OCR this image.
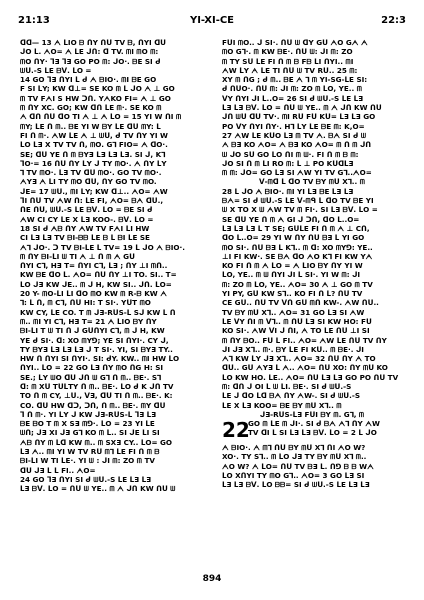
21:13	YI-XI-CE	22:3
ᗡᗡ— 13 ᗅ ᒪIO ᗷ ᑎY ᑎᑌ TV ᗷ, ᑎYI ᗡᑌ
ᒍO ᒪ. ᗅO= ᗅ ᒪE ᒍᑎ: ᗡ TV. ᗰI ᗰO ᗰ:
ᗰO ᑎY· ᒣƎ ᒣƎ GO PO ᗰ: ᒍO·. ᗷE SI ᑯ
ᗯᑌ.-S ᒪE ᗷᐯ. ᒪO =
14 GO ᒣƎ ᑎYI ᒪ ᑯ ᗅ ᗷIO·. ᗰI ᗷE GO
F SI ᒪY; KW ᗡ⊥= SE KO ᗰ ᒪ ᒍO ᗅ ⊥ GO
ᗰ TV FᗅI S HW ᑐᑎ. YᗅKO FI= ᗅ ⊥ GO
ᗰ ᑎY XC. GO; KW ᗡᑎ ᒪE ᗰ·. SE KO ᗰ
ᗅ ᗡᑎ ᑎᑌ ᗡO TI ᗅ ⊥ ᗅ ᒪO = 15 YI W ᑎI ᗰ
ᗰY; ᒪE ᑎ ᗰ.. ᗷE YI W ᗷY ᒪE ᗡᑌ ᗰY: ᒪ
FI ᑎ ᗰ·. ᗅW ᒪE ᗅ ⊥ ᗯᑌ, ᑯ TV ᑎY YI W
ᒪO ᒪƎ X TV TV ᑎ, ᗰO. G⅂ FIO= ᗅ ᗡO·.
SE; ᗡᑌ YE ᑎ ᗰ ᗷYƎ ᒪƎ ᒪƎ ᒪƎ. SI ᒍ, K⅂
ᒣO·= 16 ᑎᑌ ᑎY ᒪY ᒍ TY ᗰO·. ᗅ ᑎY ᒪY
⅂ TV ᗰO·. ᒪƎ TV ᗡᑌ ᗰO·. GO TV ᗰO·.
ᗅYƎ ᗅ ᒪI TY ᗰO ᗡᑌ, ᑎY GO TV ᗰO.
ᒍE= 17 ᗯᑌ., ᗰI ᒪY; KW ᗡ⊥.. ᗅO= ᗅW
ᒣI ᑎᑌ TV ᗅW ᑎ: ᒪE FI, ᗅO= ᗷᗅ ᗡᑌ.,
ᑎE ᑎᑌ, ᗯᑌ.-S ᒪE ᗷᐯ. ᒪO = ᗷE SI ᑯ
ᗅW CI CY ᒪE X ᒪƎ KOO-. ᗷᐯ. ᒪO =
18 SI ᑯ ᗅᗷ ᑎY ᗅW TV FᗅI ᒪI HW
CI ᒪƎ ᒪƎ TV ᗷI-ᗷᗷ ᒪE ᗷ ᒪ ᗷI ᒪE SE
ᗅ⅂ ᒍO·. ᑐ TV ᗷI-ᒪE ᒪ TV= 19 ᒪ ᒍO ᗅ ᗷIO·.
ᗰ ᑎY ᗷI-ᒪI ᗯ TI ᗅ ⊥ ᑎ ᗰ ᗅ Gᑌ
ᑎYI C⅂, HƎ T= ᑎYI C⅂, ᒪƎ ; ᑎY ⊥I ᗰᑎ..
KW ᗷE ᗡO ᒪ. ᗅO= ᑎᑌ ᑎY ⊥I TO. SI.. T=
ᒪO ᒍƎ KW ᒍE.. ᗰ ᒍ H, KW SI.. ᒍᑎ. ᒪO=
20 Y- ᗰO-ᒪI ᒪI ᗡO ᗰO KW ᗰ R-ᗷ KW ᗅ
⅂: ᒪ ᑎ, ᗰ C⅂, ᑎᑌ HI: T SI·. YᑌT ᗰO
KW CY, ᒪE CO. T ᗰ ᒍƎ-RᑌS-ᒪ Sᒍ KW ᒪ ᑎ
ᗰ.. ᗰI YI C⅂, HƎ T= 21 ᗅ ᒪIO ᗷY ᑎY
ᗷI-ᒪI T ᗯ TI ᑎ ᒍ GᑌᑎYI C⅂, ᗰ ᒍ H, KW
YE ᑯ SI·. ᗡ: XO ᗰY⅁; YE SI ᑎYI·. CY ᒍ,
TY ᗷYƎ ᒪƎ ᒪƎ ᒪƎ ᒍ T SI·. YI, SI ᗷYƎ TY..
HW ᑎ ᑎYI SI ᑎYI·. SI: ᑯY. KW.. ᗰI HW ᒪO
ᑎYI.. ᒪO = 22 GO ᒪƎ ᑎY ᗰO ᑎG H: SI
SE.; ᒪY ᗯO ᗡᑌ ᒍᑎ ᗯ G⅂ ᑎ ᗰ.. ᗷE·. S⅂
ᗡ: ᗰ Xᑌ TᑌᒪTY ᑎ ᗰ.. ᗷE·. ᒪO ᑯ K ᒍᑎ TV
TO ᑎ ᗰ CY, ⊥ᑌ., ᐯƎ, ᗡᑌ TI ᑎ ᗰ.. ᗷE·. K:
CO. ᗡᑌ HW ᗡᑐ, ᑐᑎ, ᑎ ᗰ.. ᗷE·. ᗰY ᗡᑌ
ᒣ ᑎ ᗰ·. YI ᒪY ᒍ KW ᒍƎ-RᑌS-ᒪ ᒣƎ ᒪƎ
ᗷE ᗷO T ᗰ X SƎ ᗰ⅁·. ᒪO = 23 YI ᒪE
ᗯᑎ; ᒍƎ XI ᒍƎ G⅂ KO ᗰ ᒪ.. SI ᒍE ᒪI SI
ᗅᗷ ᑎY ᗰ ᒪᗡ KW ᗰ.. ᗰ SXƎ CY.. ᒪO= GO
ᒪƎ ᗅ.. ᗰI YI W TV Rᑌ ᗰ⅂ ᒪE FI ᑎ ᗰ ᗷ
ᗷI-ᒪI W TI ᒪE·. YI ᗯ : ᒍI ᗰ: ZO ᗰ TV
ᗡᑌ ᒍƎ ᒪ ᒪ FI.. ᗅO=
24 GO ᒣƎ ᑎYI SI ᑯ ᗯᑌ.-S ᒪE ᒪƎ ᒪƎ
ᒪƎ ᗷᐯ. ᒪO = ᑎᑌ ᗯ YE.. ᗰ ᗅ ᒍᑎ KW ᑎᑌ ᗯ
FᑌI ᗰO.. ᒍ SI·. ᑎᑌ ᗯ ᗡY Gᑌ ᗅO Gᗅ ᗅ
ᗰO G⅂·. ᗰ KW ᗷE·. ᑎᑌ ᗯ: ᒍI ᗰ: ZO
ᗰ TY Sᑌ ᒪE FI ᑎ ᗰ ᗷ Fᗷ ᒪI ᑎYI.. ᗰI
ᗅW ᒪY ᗅ ᒪE TI ᑎᑌ ᗯ TV Rᑌ.. 25 ᗰ:
XY ᗰ ᑎG ; ᑯ ᗰ.. ᗷE ᗅ ⅂ ᗰ YI-SG-ᒪE SI:
ᑯ ᑎᑌO·. ᑎᑌ ᗰ: ᒍI ᗰ: ZO ᗰ ᒪO, YE.. ᗰ
ᐯY ᑎYI ᒍI ᒪ..O= 26 SI ᑯ ᗯᑌ.-S ᒪE ᒪƎ
ᒪƎ ᒪƎ ᗷᐯ. ᒪO = ᑎᑌ ᗯ YE.. ᗰ ᗅ ᒍᑎ KW ᑎᑌ
ᒍᑎ ᗯᑌ ᗡᑌ TV·. ᗰI Rᑌ Fᑌ Kᑌ= ᒪƎ ᒪƎ GO
PO ᐯY ᑎYI ᑎY·. H⅂ ᒪY ᒪE ᗷE ᗰ: K,O=
27 ᗅW ᒪE KᑌO ᒪƎ ᗰ TV ᗅ. ᗷᗅ SI ᑯ ᗯ
ᗅ ᗷƎ KO ᗅO= ᗅ ᗷƎ KO ᗅO= ᗰ ᑎ ᗰ ᒍᑎ
ᗯ ᒍO Sᑌ GO ᒪO ᑎI ᗰ ᗯ·. FI ᑎ ᗰ ᗷ ᗰ:
ᒍO SI ᑎ ᗰ ᒪI RO ᗰ: ᒪ ⊥ PO KᑌᗡᒪƎ
ᗰ ᗰ: ᒍO= GO ᒪƎ SI ᗅW YI TV G⅂..ᗅO=
ᐯ-ᗰᗡ ᒪ ᗡO TV ᗷY ᗰᑌ X⅂.. ᗰ
28 ᒪ ᒍO ᗅ ᗷIO·. ᗰI YI ᒪƎ ᗷE ᒪƎ ᒪƎ
ᗷᗅ= SI ᑯ ᗯᑌ.-S ᒪE ᐯ-ᗰᑫ ᒪ ᗡO TV ᗷE YI
ᗯ X TO X ᗯ ᗅW TV ᗰ FI·. SI ᒪƎ ᗷᐯ. ᒪO =
SE ᗡᑌ YE ᑎ ᗰ ᗅ GI ᒍ ᑐᑎ, ᗡO ᒪ..O=
ᒪƎ ᒪƎ ᒪƎ ᒪ T SE; GᑌᒪE FI ᑎ ᗰ ᗅ ⊥ Cᑎ,
ᗡO ᒪ..O= 29 YI W ᑎY ᑎᑌ ᗷƎ ᒪ YI GO
ᗰO SI·. ᑎᑌ ᗷƎ ᒪ K⅂.. ᗰ ᗡ: XO ᗰY⅁: YE..
⊥I FI KW·. SE ᗷᗅ ᗡO ᗅO K⅂ FI KW Yᗅ
KO FI ᑎ ᗰ ᗅ ᒪO = ᗅ ᒪIO ᗷY ᑎY YI W
ᒪO, YE.. ᗰ ᗯ ᑎYI ᒍI ᒪ SI·. YI W ᗰ: ᒍI
ᗰ: ZO ᗰ ᒪO, YE.. ᗅO= 30 ᗅ ⊥ GO ᗰ TV
YI PY, Gᑌ KW S⅂.. KO FI ᑎ ᒪ? ᑎᑌ TV
CE Gᑌ.. ᑎᑌ TV ᐯᑎ Gᑌ ᗰᑎ KW-. ᗅW ᑎᑌ..
TV ᗷY ᗰᑌ X⅂.. ᗅO= 31 GO ᒪƎ SI ᗅW
ᒪE ᐯY ᑎI ᗰ ᐯ⅂.. ᗰ ᑎᑌ ᒪƎ SI KW HO: Fᑌ
KO SI·. ᗅW ᐯI ᒍ ᑎI, ᗅ TO ᒪE ᑎᑌ ⊥I SI
ᗰ ᑎY ᗷO.. Fᑌ ᒪ FI.. ᗅO= ᗅW ᒪE ᑎᑌ TV ᑎY
ᒍI ᒍƎ X⅂.. ᗰ·. ᗷY ᒪE FI Kᑌ.. ᗰ ᗷE·. ᒍI
ᗅ⅂ KW ᒪY ᒍƎ X⅂.. ᗅO= 32 ᑎᑌ ᑎY ᗅ TO
ᗡᑌ.. Gᑌ ᗅYƎ ᒪ ᗅ.. ᗅO= ᑎᑌ XO: ᑎY ᗰᑌ KO
ᒪO KW HO. ᒪE.. ᗅO= ᑎᑌ ᒪƎ ᒪƎ GO PO ᑎᑌ TV
ᗰ: ᗡᑎ ᒍ OI ᒪ ᗯ ᒪI. ᗷE·. SI ᑯ ᗯᑌ.-S
ᒪE ᒍ ᗡO ᒪᗡ ᗷᗅ ᑎY ᗅW-. SI ᑯ ᗯᑌ.-S
ᒪE X ᒪƎ KOO= ᗷE ᗷY ᗰᑌ X⅂.. ᗰ
ᒍƎ-RᑌS-ᒪƎ FᑌI ᗷY ᗰ. G⅂, ᗰ
22
GO ᗰ ᒪE ᗰ ᒍI·. SI ᑯ ᗷᗅ ᗅ⅂ ᑎY ᗅW
TV ᗡI ᒪ SI ᒪƎ ᒪƎ ᗷᐯ. ᒪO = 2 ᒪ ᒍO
ᗅ ᗷIO·. ᗅ ᗰ⅂ ᑎᑌ ᗷY ᗰᑌ X⅂ ᑎI ᗅO W?
XO·. TY S⅂.. ᗰ ᒪO ᒍƎ TY ᗷY ᗰᑌ X⅂ ᗰ..
ᗅO W? ᗅ ᒪO= ᑎᑌ TV ᗷƎ ᒪ. ᑎ⅁ ᗷ ᗷ Wᗅ
ᒪO XᑎYI TY ᗰO G⅂.. ᗅO= 3 GO ᒪƎ SI
ᒪƎ ᒪƎ ᗷᐯ. ᒪO ᗷᗷ= SI ᑯ ᗯᑌ.-S ᒪE ᒪƎ ᒪƎ
894
